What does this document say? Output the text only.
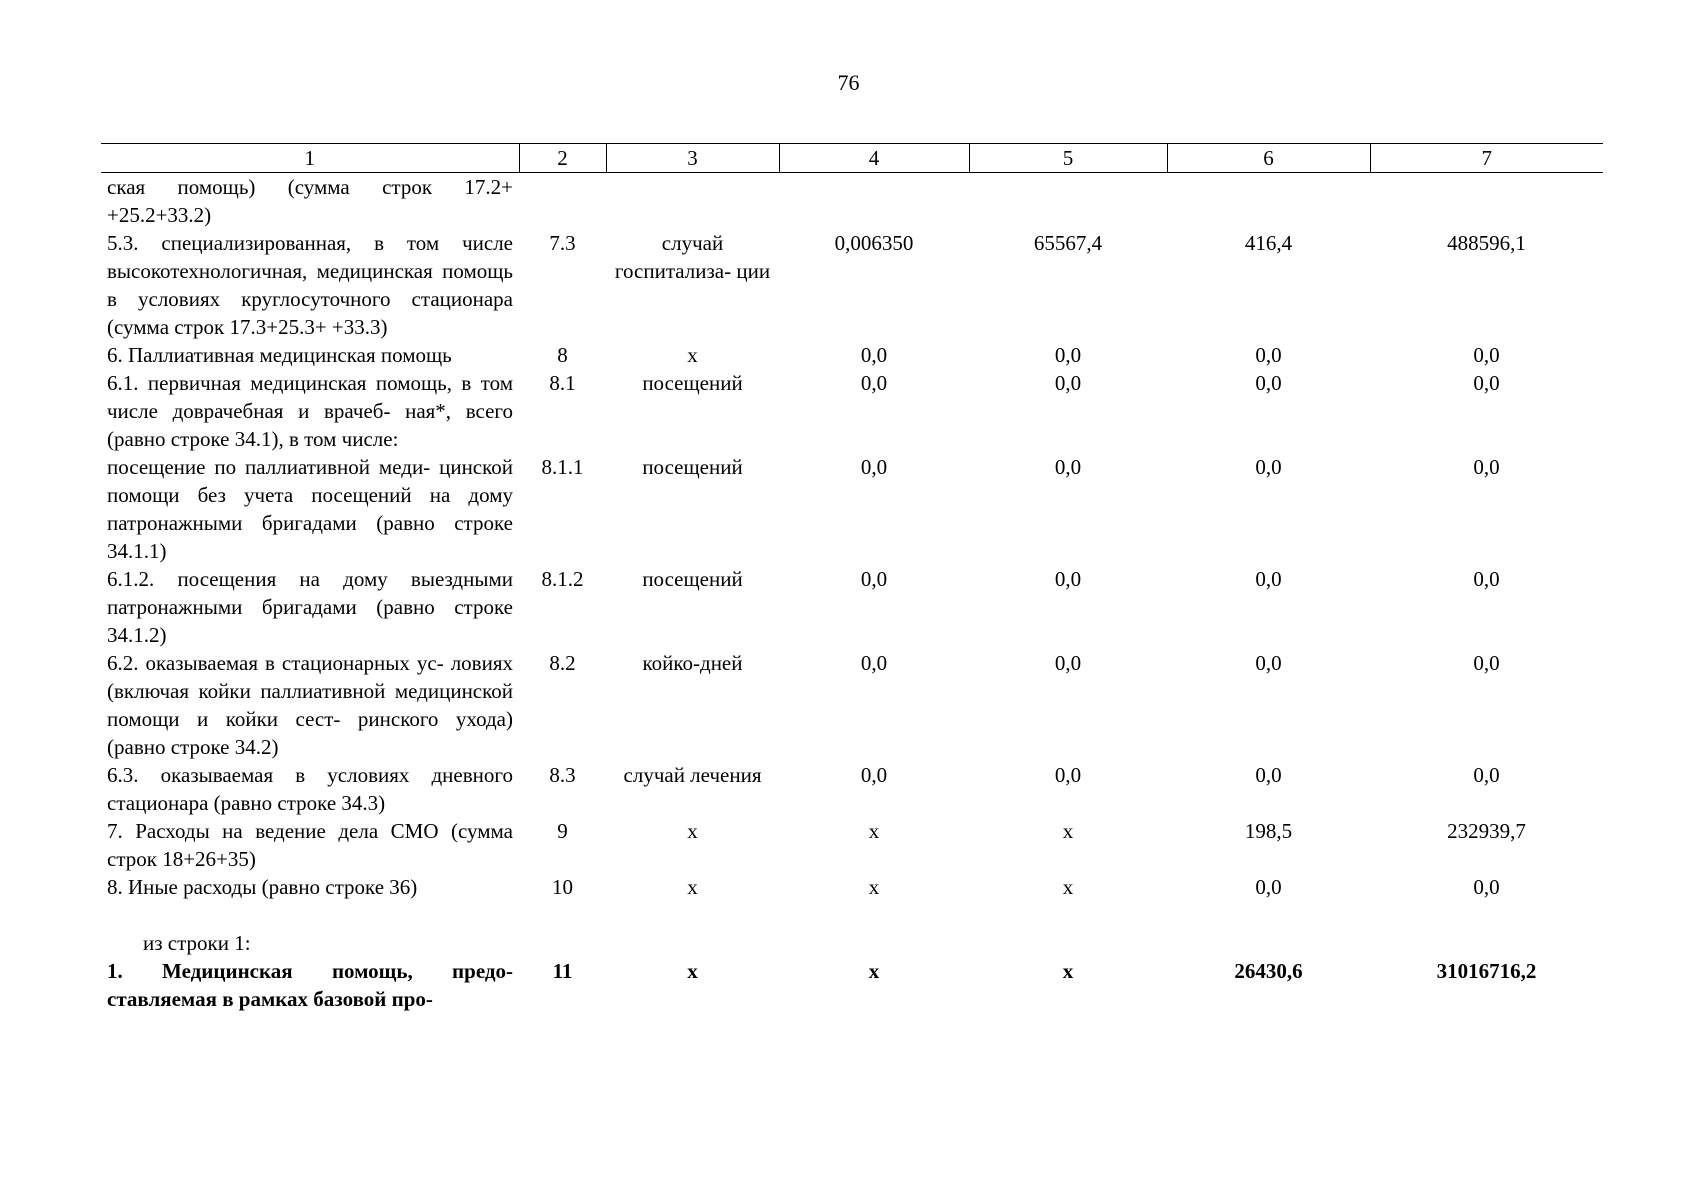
76
1	2	3	4	5	6	7
ская помощь) (сумма строк 17.2+ +25.2+33.2)						
5.3. специализированная, в том числе высокотехнологичная, медицинская помощь в условиях круглосуточного стационара (сумма строк 17.3+25.3+ +33.3)	7.3	случай госпитализа- ции	0,006350	65567,4	416,4	488596,1
6. Паллиативная медицинская помощь	8	х	0,0	0,0	0,0	0,0
6.1. первичная медицинская помощь, в том числе доврачебная и врачеб- ная*, всего (равно строке 34.1), в том числе:	8.1	посещений	0,0	0,0	0,0	0,0
посещение по паллиативной меди- цинской помощи без учета посещений на дому патронажными бригадами (равно строке 34.1.1)	8.1.1	посещений	0,0	0,0	0,0	0,0
6.1.2. посещения на дому выездными патронажными бригадами (равно строке 34.1.2)	8.1.2	посещений	0,0	0,0	0,0	0,0
6.2. оказываемая в стационарных ус- ловиях (включая койки паллиативной медицинской помощи и койки сест- ринского ухода) (равно строке 34.2)	8.2	койко-дней	0,0	0,0	0,0	0,0
6.3. оказываемая в условиях дневного стационара (равно строке 34.3)	8.3	случай лечения	0,0	0,0	0,0	0,0
7. Расходы на ведение дела СМО (сумма строк 18+26+35)	9	х	х	х	198,5	232939,7
8. Иные расходы (равно строке 36)	10	х	х	х	0,0	0,0

из строки 1:						
1. Медицинская помощь, предо- ставляемая в рамках базовой про-	11	х	х	х	26430,6	31016716,2
